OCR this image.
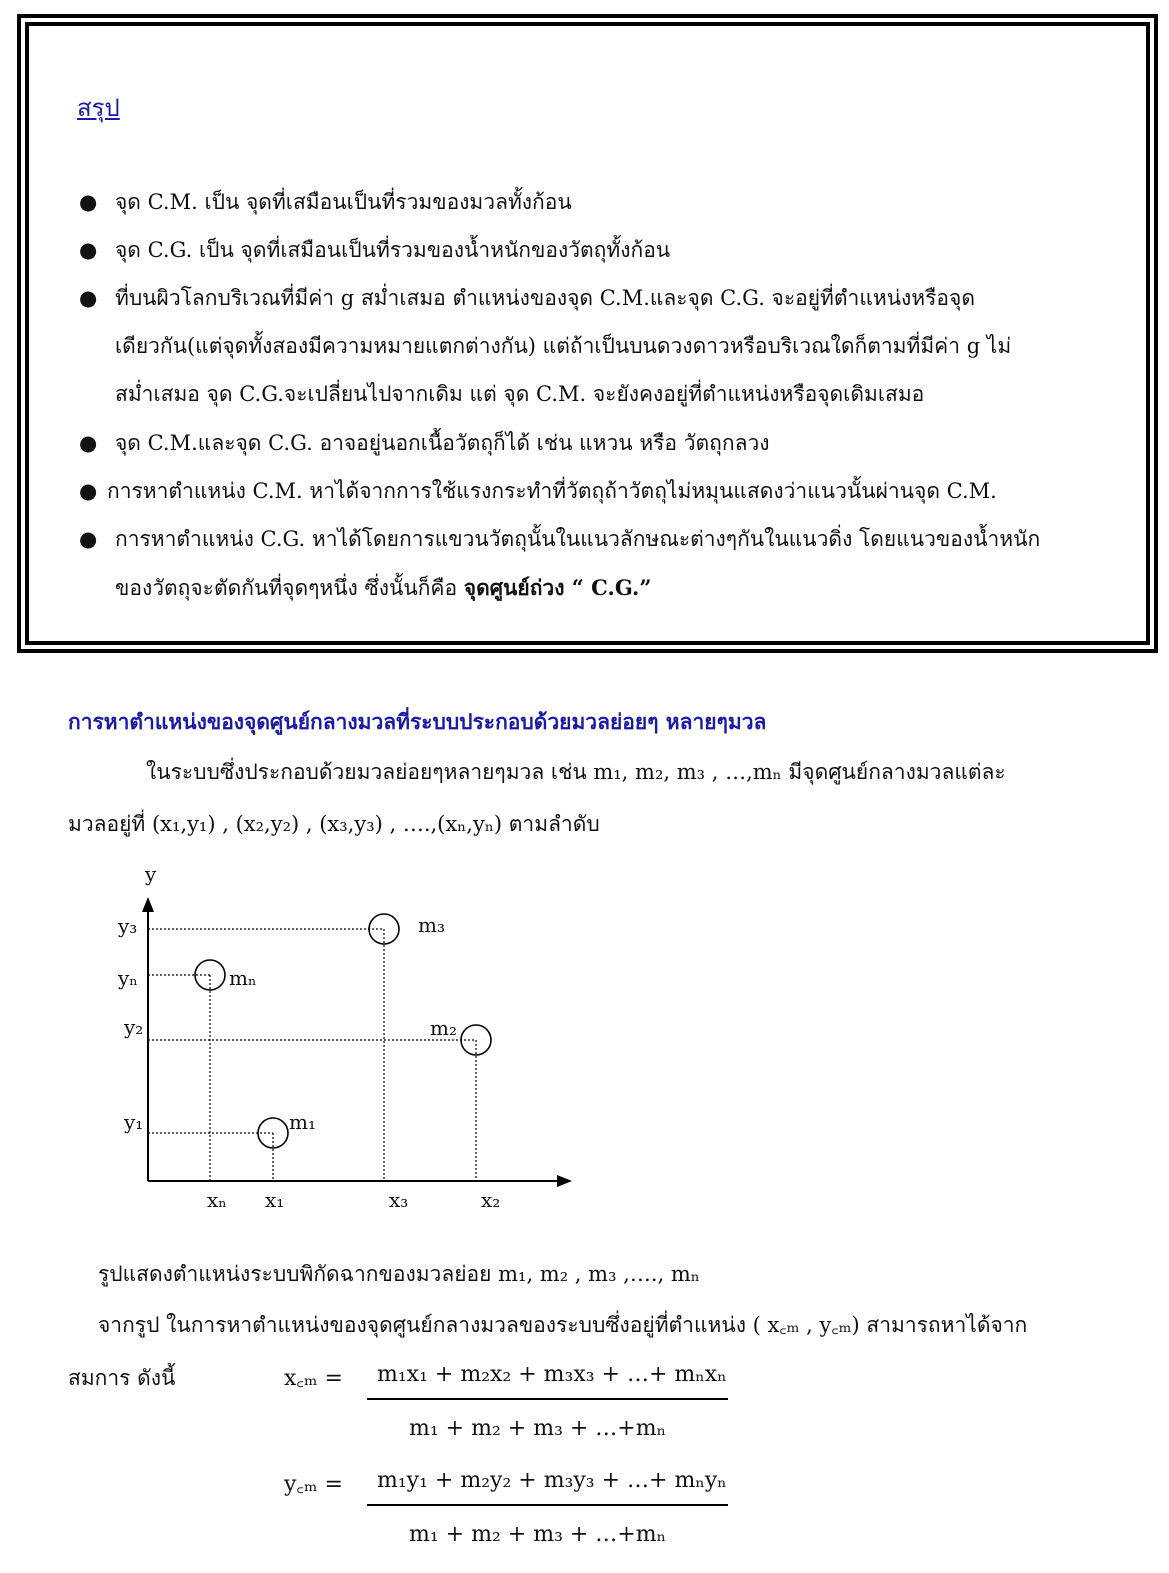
สรุป
● จุด C.M. เป็น จุดที่เสมือนเป็นที่รวมของมวลทั้งก้อน
● จุด C.G. เป็น จุดที่เสมือนเป็นที่รวมของน้ำหนักของวัตถุทั้งก้อน
● ที่บนผิวโลกบริเวณที่มีค่า g สม่ำเสมอ ตำแหน่งของจุด C.M.และจุด C.G. จะอยู่ที่ตำแหน่งหรือจุด
เดียวกัน(แต่จุดทั้งสองมีความหมายแตกต่างกัน) แต่ถ้าเป็นบนดวงดาวหรือบริเวณใดก็ตามที่มีค่า g ไม่
สม่ำเสมอ จุด C.G.จะเปลี่ยนไปจากเดิม แต่ จุด C.M. จะยังคงอยู่ที่ตำแหน่งหรือจุดเดิมเสมอ
● จุด C.M.และจุด C.G. อาจอยู่นอกเนื้อวัตถุก็ได้ เช่น แหวน หรือ วัตถุกลวง
● การหาตำแหน่ง C.M. หาได้จากการใช้แรงกระทำที่วัตถุถ้าวัตถุไม่หมุนแสดงว่าแนวนั้นผ่านจุด C.M.
● การหาตำแหน่ง C.G. หาได้โดยการแขวนวัตถุนั้นในแนวลักษณะต่างๆกันในแนวดิ่ง โดยแนวของน้ำหนัก
ของวัตถุจะตัดกันที่จุดๆหนึ่ง ซึ่งนั้นก็คือ จุดศูนย์ถ่วง “ C.G.”
การหาตำแหน่งของจุดศูนย์กลางมวลที่ระบบประกอบด้วยมวลย่อยๆ หลายๆมวล
ในระบบซึ่งประกอบด้วยมวลย่อยๆหลายๆมวล เช่น m₁, m₂, m₃ , …,mₙ มีจุดศูนย์กลางมวลแต่ละ
มวลอยู่ที่ (x₁,y₁) , (x₂,y₂) , (x₃,y₃) , ….,(xₙ,yₙ) ตามลำดับ
y
y₃
yₙ
y₂
y₁
xₙ x₁	x₃	x₂
m₃
mₙ
m₂
m₁
รูปแสดงตำแหน่งระบบพิกัดฉากของมวลย่อย m₁, m₂ , m₃ ,…., mₙ
จากรูป ในการหาตำแหน่งของจุดศูนย์กลางมวลของระบบซึ่งอยู่ที่ตำแหน่ง ( x꜀ₘ , y꜀ₘ) สามารถหาได้จาก
สมการ ดังนี้	x꜀ₘ = m₁x₁ + m₂x₂ + m₃x₃ + …+ mₙxₙ
m₁ + m₂ + m₃ + …+mₙ
y꜀ₘ = m₁y₁ + m₂y₂ + m₃y₃ + …+ mₙyₙ
m₁ + m₂ + m₃ + …+mₙ
